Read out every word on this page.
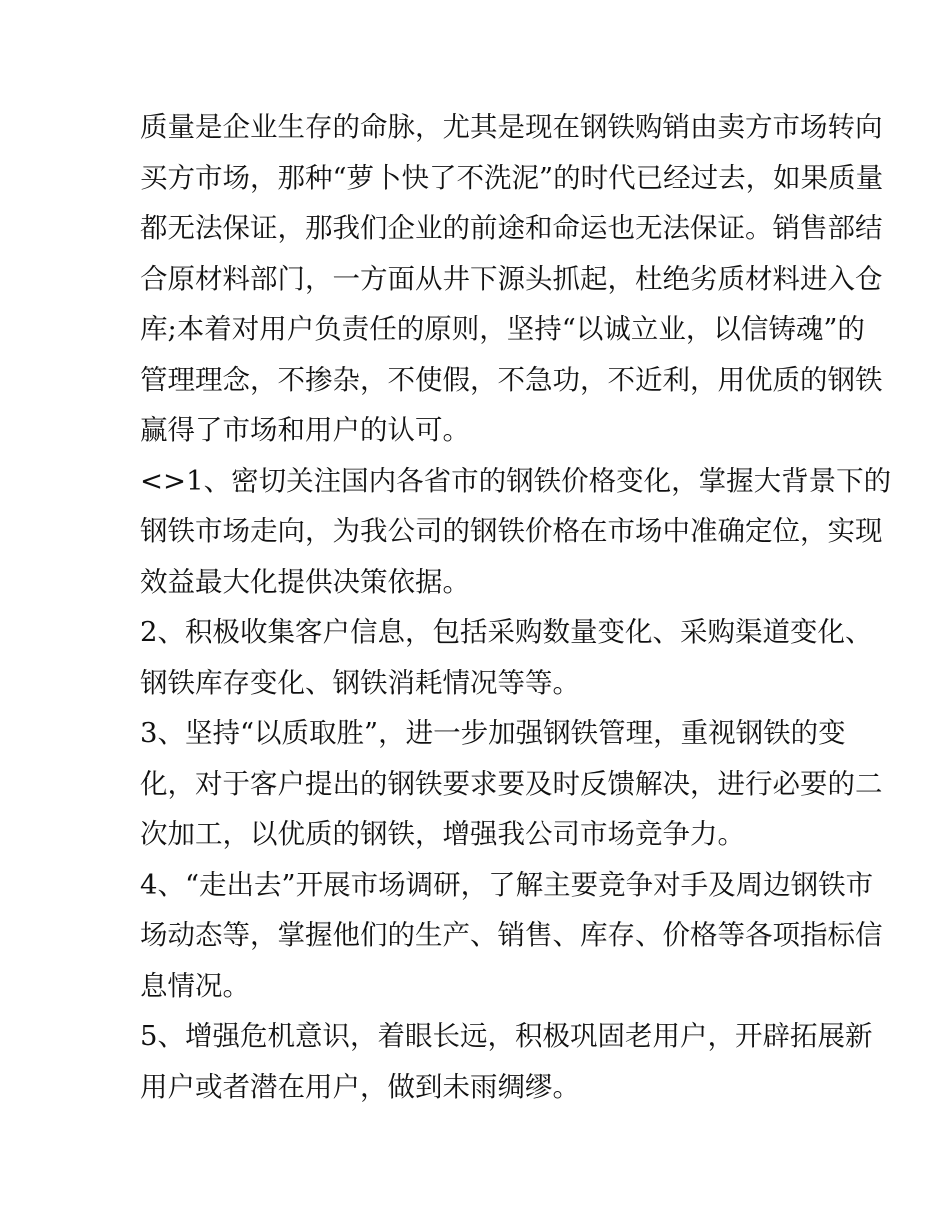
质量是企业生存的命脉，尤其是现在钢铁购销由卖方市场转向
买方市场，那种“萝卜快了不洗泥”的时代已经过去，如果质量
都无法保证，那我们企业的前途和命运也无法保证。销售部结
合原材料部门，一方面从井下源头抓起，杜绝劣质材料进入仓
库;本着对用户负责任的原则，坚持“以诚立业，以信铸魂”的
管理理念，不掺杂，不使假，不急功，不近利，用优质的钢铁
赢得了市场和用户的认可。
<>1、密切关注国内各省市的钢铁价格变化，掌握大背景下的
钢铁市场走向，为我公司的钢铁价格在市场中准确定位，实现
效益最大化提供决策依据。
2、积极收集客户信息，包括采购数量变化、采购渠道变化、
钢铁库存变化、钢铁消耗情况等等。
3、坚持“以质取胜”，进一步加强钢铁管理，重视钢铁的变
化，对于客户提出的钢铁要求要及时反馈解决，进行必要的二
次加工，以优质的钢铁，增强我公司市场竞争力。
4、“走出去”开展市场调研，了解主要竞争对手及周边钢铁市
场动态等，掌握他们的生产、销售、库存、价格等各项指标信
息情况。
5、增强危机意识，着眼长远，积极巩固老用户，开辟拓展新
用户或者潜在用户，做到未雨绸缪。
